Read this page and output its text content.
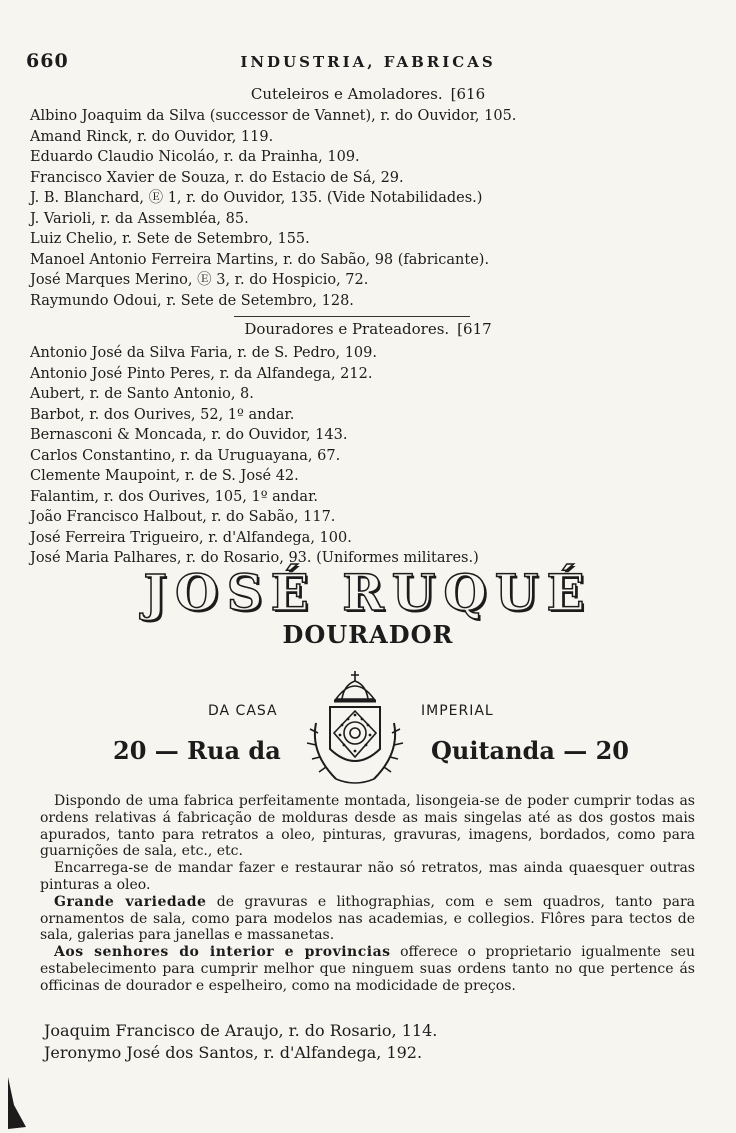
660	INDUSTRIA, FABRICAS
Cuteleiros e Amoladores. [616
Albino Joaquim da Silva (successor de Vannet), r. do Ouvidor, 105.
Amand Rinck, r. do Ouvidor, 119.
Eduardo Claudio Nicoláo, r. da Prainha, 109.
Francisco Xavier de Souza, r. do Estacio de Sá, 29.
J. B. Blanchard, Ⓔ 1, r. do Ouvidor, 135. (Vide Notabilidades.)
J. Varioli, r. da Assembléa, 85.
Luiz Chelio, r. Sete de Setembro, 155.
Manoel Antonio Ferreira Martins, r. do Sabão, 98 (fabricante).
José Marques Merino, Ⓔ 3, r. do Hospicio, 72.
Raymundo Odoui, r. Sete de Setembro, 128.
Douradores e Prateadores. [617
Antonio José da Silva Faria, r. de S. Pedro, 109.
Antonio José Pinto Peres, r. da Alfandega, 212.
Aubert, r. de Santo Antonio, 8.
Barbot, r. dos Ourives, 52, 1º andar.
Bernasconi & Moncada, r. do Ouvidor, 143.
Carlos Constantino, r. da Uruguayana, 67.
Clemente Maupoint, r. de S. José 42.
Falantim, r. dos Ourives, 105, 1º andar.
João Francisco Halbout, r. do Sabão, 117.
José Ferreira Trigueiro, r. d'Alfandega, 100.
José Maria Palhares, r. do Rosario, 93. (Uniformes militares.)
JOSÉ RUQUÉ
DOURADOR
DA CASA	IMPERIAL
20 — Rua da	Quitanda — 20

Dispondo de uma fabrica perfeitamente montada, lisongeia-se de poder cumprir todas as ordens relativas á fabricação de molduras desde as mais singelas até as dos gostos mais apurados, tanto para retratos a oleo, pinturas, gravuras, imagens, bordados, como para guarnições de sala, etc., etc.

Encarrega-se de mandar fazer e restaurar não só retratos, mas ainda quaesquer outras pinturas a oleo.

Grande variedade de gravuras e lithographias, com e sem quadros, tanto para ornamentos de sala, como para modelos nas academias, e collegios. Flôres para tectos de sala, galerias para janellas e massanetas.

Aos senhores do interior e provincias offerece o proprietario igualmente seu estabelecimento para cumprir melhor que ninguem suas ordens tanto no que pertence ás officinas de dourador e espelheiro, como na modicidade de preços.

Joaquim Francisco de Araujo, r. do Rosario, 114.
Jeronymo José dos Santos, r. d'Alfandega, 192.
